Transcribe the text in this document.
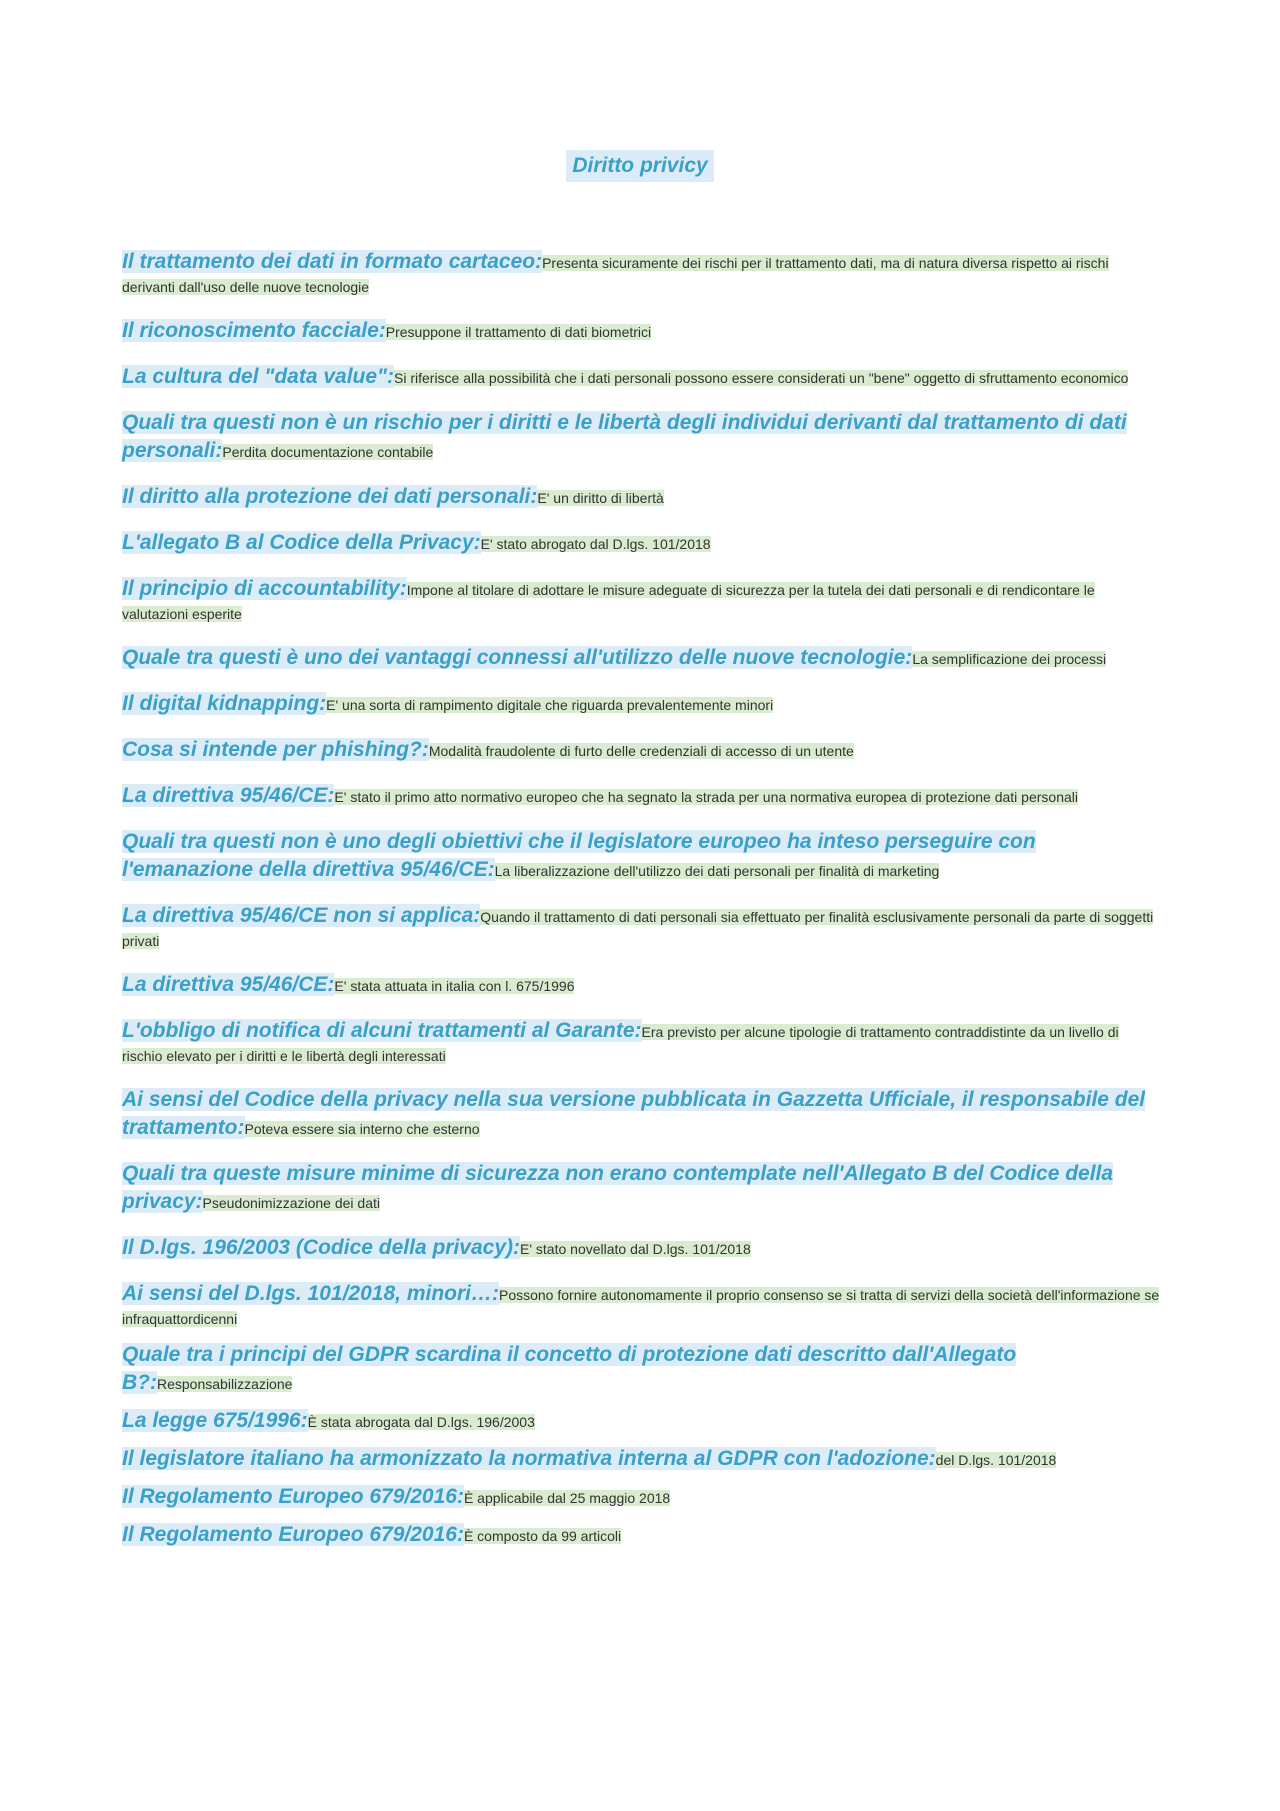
Diritto privicy

Il trattamento dei dati in formato cartaceo:Presenta sicuramente dei rischi per il trattamento dati, ma di natura diversa rispetto ai rischi derivanti dall'uso delle nuove tecnologie

Il riconoscimento facciale:Presuppone il trattamento di dati biometrici

La cultura del "data value":Si riferisce alla possibilità che i dati personali possono essere considerati un "bene" oggetto di sfruttamento economico

Quali tra questi non è un rischio per i diritti e le libertà degli individui derivanti dal trattamento di dati personali:Perdita documentazione contabile

Il diritto alla protezione dei dati personali:E' un diritto di libertà

L'allegato B al Codice della Privacy:E' stato abrogato dal D.lgs. 101/2018

Il principio di accountability:Impone al titolare di adottare le misure adeguate di sicurezza per la tutela dei dati personali e di rendicontare le valutazioni esperite

Quale tra questi è uno dei vantaggi connessi all'utilizzo delle nuove tecnologie:La semplificazione dei processi

Il digital kidnapping:E' una sorta di rampimento digitale che riguarda prevalentemente minori

Cosa si intende per phishing?:Modalità fraudolente di furto delle credenziali di accesso di un utente

La direttiva 95/46/CE:E' stato il primo atto normativo europeo che ha segnato la strada per una normativa europea di protezione dati personali

Quali tra questi non è uno degli obiettivi che il legislatore europeo ha inteso perseguire con l'emanazione della direttiva 95/46/CE:La liberalizzazione dell'utilizzo dei dati personali per finalità di marketing

La direttiva 95/46/CE non si applica:Quando il trattamento di dati personali sia effettuato per finalità esclusivamente personali da parte di soggetti privati

La direttiva 95/46/CE:E' stata attuata in italia con l. 675/1996

L'obbligo di notifica di alcuni trattamenti al Garante:Era previsto per alcune tipologie di trattamento contraddistinte da un livello di rischio elevato per i diritti e le libertà degli interessati

Ai sensi del Codice della privacy nella sua versione pubblicata in Gazzetta Ufficiale, il responsabile del trattamento:Poteva essere sia interno che esterno

Quali tra queste misure minime di sicurezza non erano contemplate nell'Allegato B del Codice della privacy:Pseudonimizzazione dei dati

Il D.lgs. 196/2003 (Codice della privacy):E' stato novellato dal D.lgs. 101/2018

Ai sensi del D.lgs. 101/2018, minori…:Possono fornire autonomamente il proprio consenso se si tratta di servizi della società dell'informazione se infraquattordicenni

Quale tra i principi del GDPR scardina il concetto di protezione dati descritto dall'Allegato B?:Responsabilizzazione

La legge 675/1996:È stata abrogata dal D.lgs. 196/2003

Il legislatore italiano ha armonizzato la normativa interna al GDPR con l'adozione:del D.lgs. 101/2018

Il Regolamento Europeo 679/2016:È applicabile dal 25 maggio 2018

Il Regolamento Europeo 679/2016:È composto da 99 articoli
